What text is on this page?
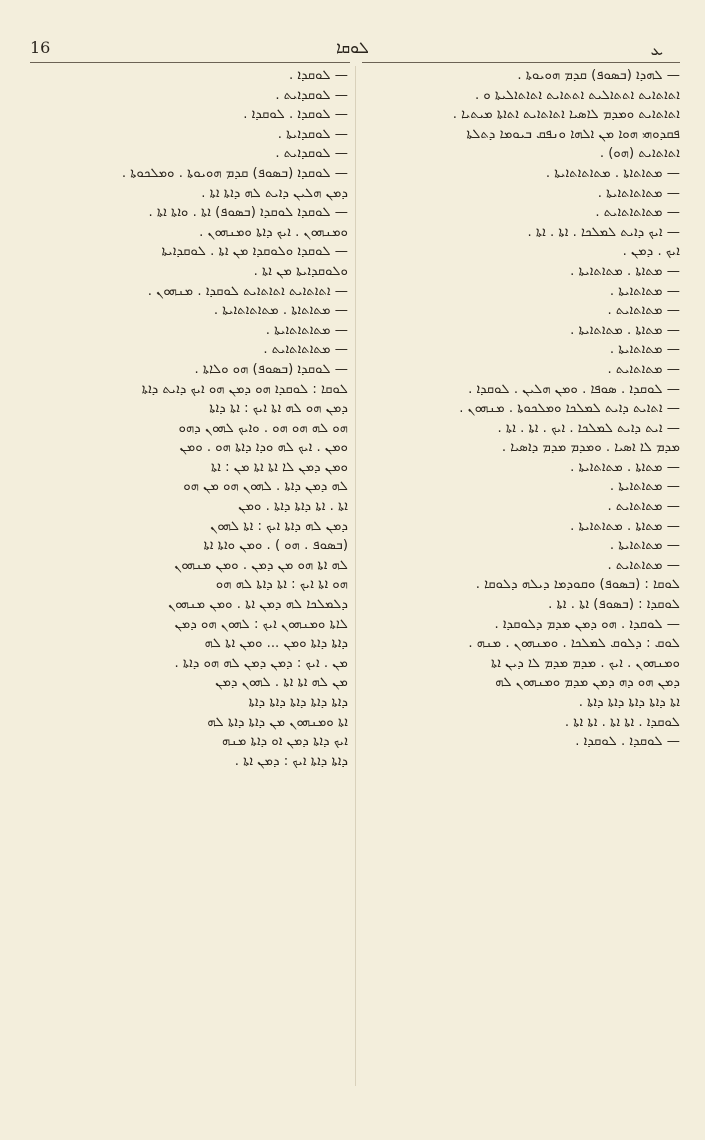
16	ܠܘܩܐ	ܥ
— ܠܗܕܐ (ܒܣܘܦ) ܩܕܡ ܗܘܝܘܬܐ .
ܐܬܐܬܐܝܬ ܐܬܬܐܠܝܬ ܐܬܬܐܝܬ ܐܬܐܬܐܠܝܬܐ ܘ .
ܐܬܐܬܐܝܬ ܘܡܕܡ ܠܐܣܝܐ ܐܬܐܬܐܝܬ ܐܬܐܬܐ ܡܝܬܝܐ .
ܦܩܕܘܗܝ ܗܘܐ ܡܢ ܐܠܗܐ ܘܢܦܩ ܒܝܘܡܐ ܕܬܠܬܐ
ܐܬܐܬܐܝܬ (ܗܘ) .
— ܡܬܐܬܐܬܐ . ܡܬܐܬܐܬܐܝܬܐ .
— ܡܬܐܬܐܬܐܝܬܐ .
— ܡܬܐܬܐܬܐܝܬ .
— ܐܝܟ ܕܐܝܬ ܠܡܠܟܐ . ܐܬܐ . ܐܬܐ .
ܐܝܟ . ܕܡܢ .
— ܡܬܐܬܐ . ܡܬܐܬܐܝܬܐ .
— ܡܬܐܬܐܝܬܐ .
— ܡܬܐܬܐܝܬ .
— ܡܬܐܬܐ . ܡܬܐܬܐܝܬܐ .
— ܡܬܐܬܐܝܬܐ .
— ܡܬܐܬܐܝܬ .
— ܠܘܩܕܐ . ܣܘܦܐ . ܘܡܢ ܗܠܝܢ . ܠܘܩܕܐ .
— ܐܬܐܝܬ ܕܐܝܬ ܠܡܠܟܐ ܘܡܠܟܘܬܐ . ܡܢܗܘܢ .
— ܐܝܬ ܕܐܝܬ ܠܡܠܟܐ . ܐܝܟ . ܐܬܐ . ܐܬܐ .
ܡܕܡ ܠܐ ܐܣܝܐ . ܘܡܕܡ ܡܕܡ ܕܐܣܝܐ .
— ܡܬܐܬܐ . ܡܬܐܬܐܝܬܐ .
— ܡܬܐܬܐܝܬܐ .
— ܡܬܐܬܐܝܬ .
— ܡܬܐܬܐ . ܡܬܐܬܐܝܬܐ .
— ܡܬܐܬܐܝܬܐ .
— ܡܬܐܬܐܝܬ .
ܠܘܩܐ : (ܒܣܘܦ) ܘܩܘܕܡܐ ܕܝܠܗ ܕܠܘܩܐ .
ܠܘܩܕܐ : (ܒܣܘܦ) ܐܬܐ . ܐܬܐ .
— ܠܘܩܕܐ . ܗܘ ܕܡܢ ܡܕܡ ܕܠܘܩܕܐ .
ܠܘܩ : ܕܠܘܩ ܠܡܠܟܐ . ܘܡܢܗܘܢ . ܡܢܗ .
ܘܡܢܗܘܢ . ܐܝܟ . ܡܕܡ ܡܕܡ ܠܐ ܕܝܢ ܐܬܐ
ܕܡܢ ܗܘ ܕܗ ܕܡܢ ܡܕܡ ܘܡܢܗܘܢ ܠܗ
ܐܬܐ ܕܐܬܐ ܕܐܬܐ ܕܐܬܐ ܕܐܬܐ .
ܠܘܩܕܐ . ܐܬܐ ܐܬܐ . ܐܬܐ ܐܬܐ .
— ܠܘܩܕܐ . ܠܘܩܕܐ .
— ܠܘܩܕܐ .
— ܠܘܩܕܐܝܬ .
— ܠܘܩܕܐ . ܠܘܩܕܐ .
— ܠܘܩܕܐܝܬܐ .
— ܠܘܩܕܐܝܬ .
— ܠܘܩܕܐ (ܒܣܘܦ) ܩܕܡ ܗܘܝܘܬܐ . ܘܡܠܟܘܬܐ .
ܕܡܢ ܗܠܝܢ ܕܐܝܬ ܠܗ ܕܐܬܐ ܐܬܐ .
— ܠܘܩܕܐ ܠܘܩܕܐ (ܒܣܘܦ) ܐܬܐ . ܘܐܬܐ ܐܬܐ .
ܘܡܢܗܘܢ . ܐܝܟ ܕܐܬܐ ܘܡܢܗܘܢ .
— ܠܘܩܕܐ ܘܠܘܩܕܐ ܡܢ ܐܬܐ . ܠܘܩܕܐܝܬܐ
ܘܠܘܩܕܐܝܬܐ ܡܢ ܐܬܐ .
— ܐܬܐܬܐܝܬ ܐܬܐܬܐܝܬ ܠܘܩܕܐ . ܡܢܗܘܢ .
— ܡܬܐܬܐܬܐ . ܡܬܐܬܐܬܐܝܬܐ .
— ܡܬܐܬܐܬܐܝܬܐ .
— ܡܬܐܬܐܬܐܝܬ .
— ܠܘܩܕܐ (ܒܣܘܦ) ܗܘ ܘܠܐܬܐ .
ܠܘܩܐ : ܠܘܩܕܐ ܗܘ ܕܡܢ ܗܘ ܐܝܟ ܕܐܝܬ ܕܐܬܐ
ܕܡܢ ܗܘ ܠܗ ܐܬܐ ܐܝܟ : ܐܬܐ ܕܐܬܐ
ܗܘ ܠܗ ܗܘ ܗܘ . ܘܐܝܟ ܠܗܘܢ ܕܗܘ
ܘܡܢ . ܐܝܟ ܠܗ ܘܕܐ ܕܐܬܐ ܗܘ . ܘܡܢ
ܘܡܢ ܕܡܢ ܠܐ ܐܬܐ ܐܬܐ ܡܢ : ܐܬܐ
ܠܗ ܕܡܢ ܕܐܬܐ . ܠܗܘܢ ܗܘ ܡܢ ܗܘ
ܐܬܐ . ܐܬܐ ܕܐܬܐ ܕܐܬܐ . ܘܡܢ
ܕܡܢ ܠܗ ܕܐܬܐ ܐܝܟ : ܐܬܐ ܠܗܘܢ
(ܒܣܘܦ . ܗܘ ) . ܘܡܢ ܘܐܬܐ ܐܬܐ
ܠܗ ܐܬܐ ܗܘ ܡܢ ܕܡܢ . ܘܡܢ ܡܢܗܘܢ
ܗܘ ܐܬܐ ܐܝܟ : ܐܬܐ ܕܐܬܐ ܠܗ ܗܘ
ܕܠܡܠܟܐ ܠܗ ܕܡܢ ܐܬܐ . ܘܡܢ ܡܢܗܘܢ
ܠܐܬܐ ܘܡܢܗܘܢ ܐܝܟ : ܠܗܘܢ ܗܘ ܕܡܢ
ܕܐܬܐ ܕܐܬܐ ܘܡܢ ... ܘܡܢ ܐܬܐ ܠܗ
ܡܢ . ܐܝܟ : ܕܡܢ ܕܡܢ ܠܗ ܗܘ ܕܐܬܐ .
ܡܢ ܠܗ ܐܬܐ ܐܬܐ . ܠܗܘܢ ܕܡܢ
ܕܐܬܐ ܕܐܬܐ ܕܐܬܐ ܕܐܬܐ ܕܐܬܐ
ܐܬܐ ܘܡܢܗܘܢ ܡܢ ܕܐܬܐ ܕܐܬܐ ܠܗ
ܐܝܟ ܕܐܬܐ ܕܡܢ ܐܘ ܕܐܬܐ ܡܢܗ
ܕܐܬܐ ܕܐܬܐ ܐܝܟ : ܕܡܢ ܐܬܐ .
